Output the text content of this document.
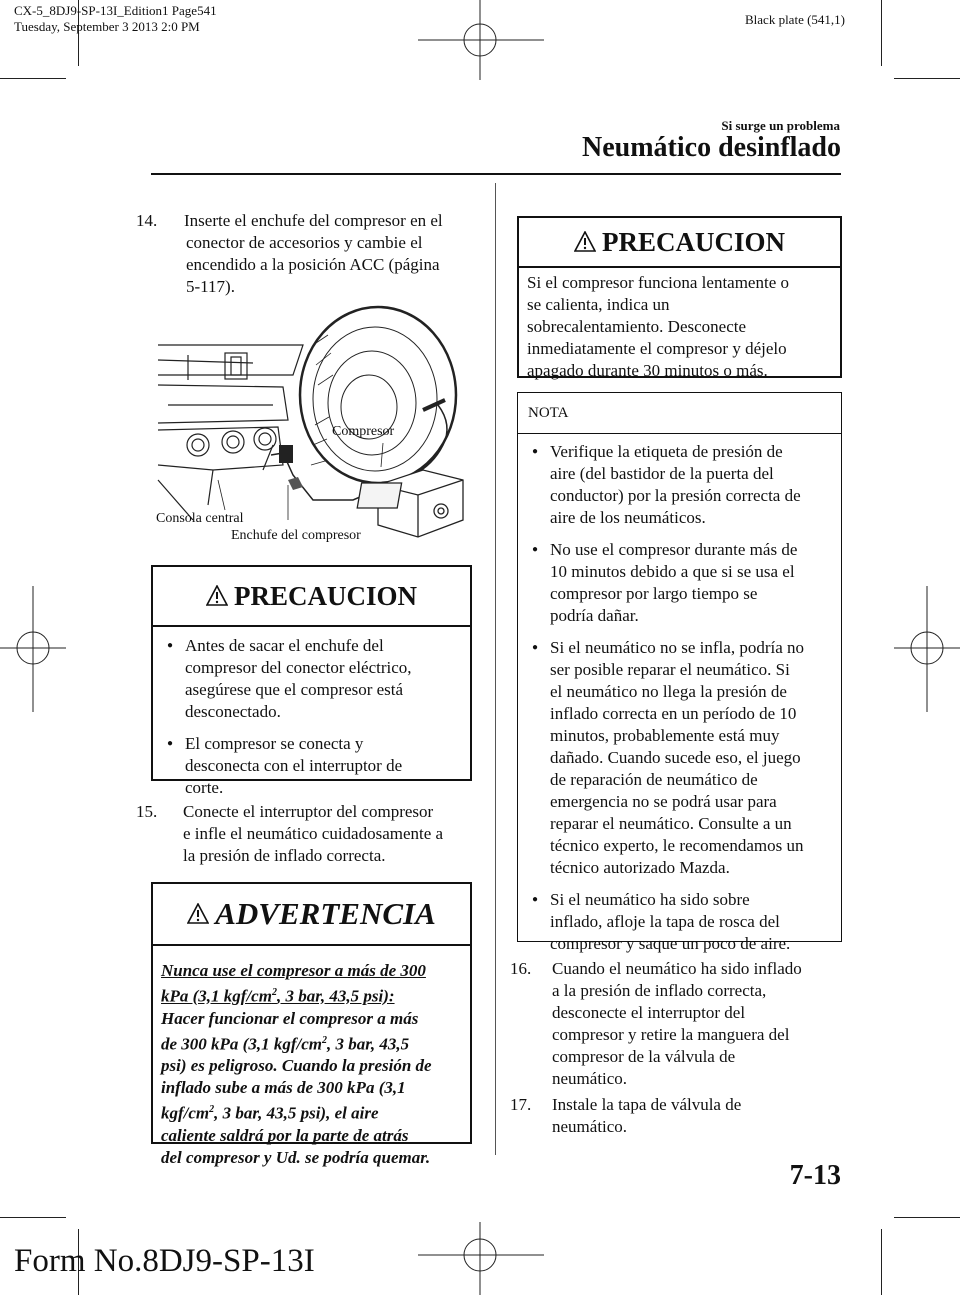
CX-5_8DJ9-SP-13I_Edition1 Page541
Tuesday, September 3 2013 2:0 PM	Black plate (541,1)
Si surge un problema
Neumático desinflado
14. Inserte el enchufe del compresor en el
conector de accesorios y cambie el
encendido a la posición ACC (página
5-117).
Compresor
Consola central
Enchufe del compresor
PRECAUCION
● Antes de sacar el enchufe del
compresor del conector eléctrico,
asegúrese que el compresor está
desconectado.
● El compresor se conecta y
desconecta con el interruptor de
corte.
15. Conecte el interruptor del compresor
e infle el neumático cuidadosamente a
la presión de inflado correcta.
ADVERTENCIA
Nunca use el compresor a más de 300
kPa (3,1 kgf/$cm^2$, 3 bar, 43,5 psi):
Hacer funcionar el compresor a más
de 300 kPa (3,1 kgf/$cm^2$, 3 bar, 43,5
psi) es peligroso. Cuando la presión de
inflado sube a más de 300 kPa (3,1
kgf/$cm^2$, 3 bar, 43,5 psi), el aire
caliente saldrá por la parte de atrás
del compresor y Ud. se podría quemar.
PRECAUCION
Si el compresor funciona lentamente o
se calienta, indica un
sobrecalentamiento. Desconecte
inmediatamente el compresor y déjelo
apagado durante 30 minutos o más.
NOTA
● Verifique la etiqueta de presión de
aire (del bastidor de la puerta del
conductor) por la presión correcta de
aire de los neumáticos.
● No use el compresor durante más de
10 minutos debido a que si se usa el
compresor por largo tiempo se
podría dañar.
● Si el neumático no se infla, podría no
ser posible reparar el neumático. Si
el neumático no llega la presión de
inflado correcta en un período de 10
minutos, probablemente está muy
dañado. Cuando sucede eso, el juego
de reparación de neumático de
emergencia no se podrá usar para
reparar el neumático. Consulte a un
técnico experto, le recomendamos un
técnico autorizado Mazda.
● Si el neumático ha sido sobre
inflado, afloje la tapa de rosca del
compresor y saque un poco de aire.
16. Cuando el neumático ha sido inflado
a la presión de inflado correcta,
desconecte el interruptor del
compresor y retire la manguera del
compresor de la válvula de
neumático.
17. Instale la tapa de válvula de
neumático.
7-13
Form No.8DJ9-SP-13I
